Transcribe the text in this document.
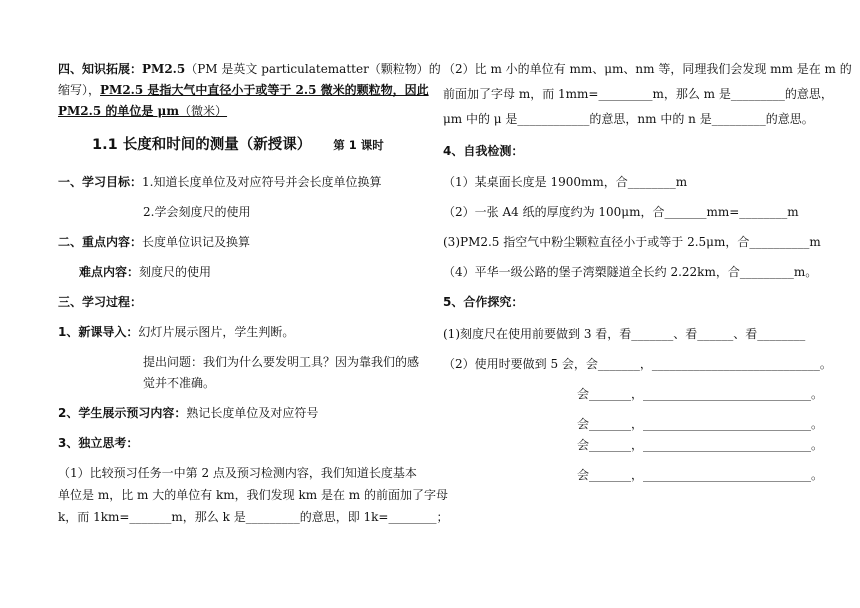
四、知识拓展：PM2.5（PM 是英文 particulatematter（颗粒物）的
缩写），PM2.5 是指大气中直径小于或等于 2.5 微米的颗粒物，因此
PM2.5 的单位是 μm（微米）
1.1 长度和时间的测量（新授课） 第 1 课时
一、学习目标：1.知道长度单位及对应符号并会长度单位换算
2.学会刻度尺的使用
二、重点内容：长度单位识记及换算
难点内容：刻度尺的使用
三、学习过程：
1、新课导入：幻灯片展示图片，学生判断。
提出问题：我们为什么要发明工具？因为靠我们的感
觉并不准确。
2、学生展示预习内容：熟记长度单位及对应符号
3、独立思考：
（1）比较预习任务一中第 2 点及预习检测内容，我们知道长度基本
单位是 m，比 m 大的单位有 km，我们发现 km 是在 m 的前面加了字母
k，而 1km=_______m，那么 k 是_________的意思，即 1k=________；
（2）比 m 小的单位有 mm、μm、nm 等，同理我们会发现 mm 是在 m 的
前面加了字母 m，而 1mm=_________m，那么 m 是_________的意思，
μm 中的 μ 是____________的意思，nm 中的 n 是_________的意思。
4、自我检测：
（1）某桌面长度是 1900mm，合________m
（2）一张 A4 纸的厚度约为 100μm，合_______mm=________m
(3)PM2.5 指空气中粉尘颗粒直径小于或等于 2.5μm，合__________m
（4）平华一级公路的堡子湾槊隧道全长约 2.22km，合_________m。
5、合作探究：
(1)刻度尺在使用前要做到 3 看，看_______、看______、看________
（2）使用时要做到 5 会，会_______，____________________________。
会_______，____________________________。
会_______，____________________________。
会_______，____________________________。
会_______，____________________________。
